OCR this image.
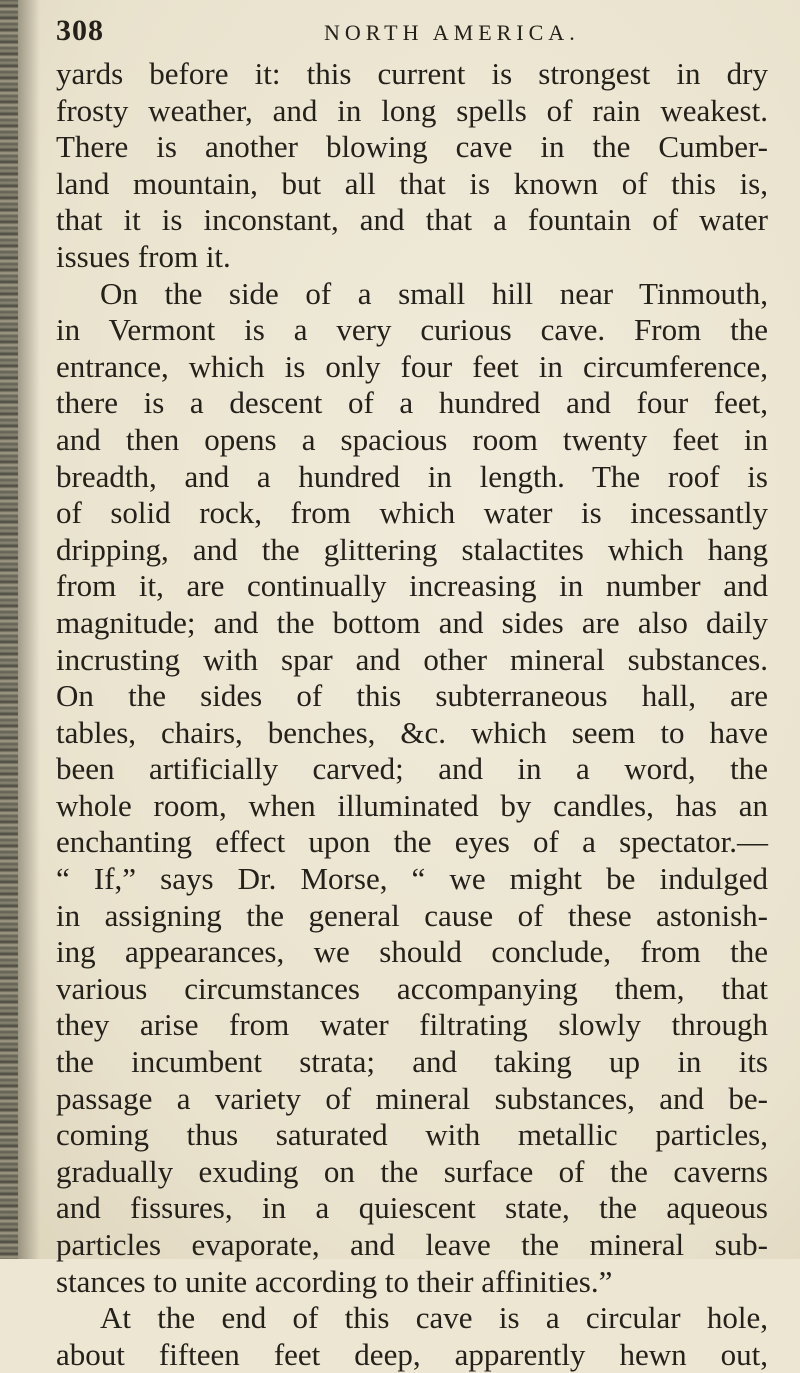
308	NORTH AMERICA.
yards before it: this current is strongest in dry
frosty weather, and in long spells of rain weakest.
There is another blowing cave in the Cumber-
land mountain, but all that is known of this is,
that it is inconstant, and that a fountain of water
issues from it.
On the side of a small hill near Tinmouth,
in Vermont is a very curious cave. From the
entrance, which is only four feet in circumference,
there is a descent of a hundred and four feet,
and then opens a spacious room twenty feet in
breadth, and a hundred in length. The roof is
of solid rock, from which water is incessantly
dripping, and the glittering stalactites which hang
from it, are continually increasing in number and
magnitude; and the bottom and sides are also daily
incrusting with spar and other mineral substances.
On the sides of this subterraneous hall, are
tables, chairs, benches, &c. which seem to have
been artificially carved; and in a word, the
whole room, when illuminated by candles, has an
enchanting effect upon the eyes of a spectator.—
“ If,” says Dr. Morse, “ we might be indulged
in assigning the general cause of these astonish-
ing appearances, we should conclude, from the
various circumstances accompanying them, that
they arise from water filtrating slowly through
the incumbent strata; and taking up in its
passage a variety of mineral substances, and be-
coming thus saturated with metallic particles,
gradually exuding on the surface of the caverns
and fissures, in a quiescent state, the aqueous
particles evaporate, and leave the mineral sub-
stances to unite according to their affinities.”
At the end of this cave is a circular hole,
about fifteen feet deep, apparently hewn out,
